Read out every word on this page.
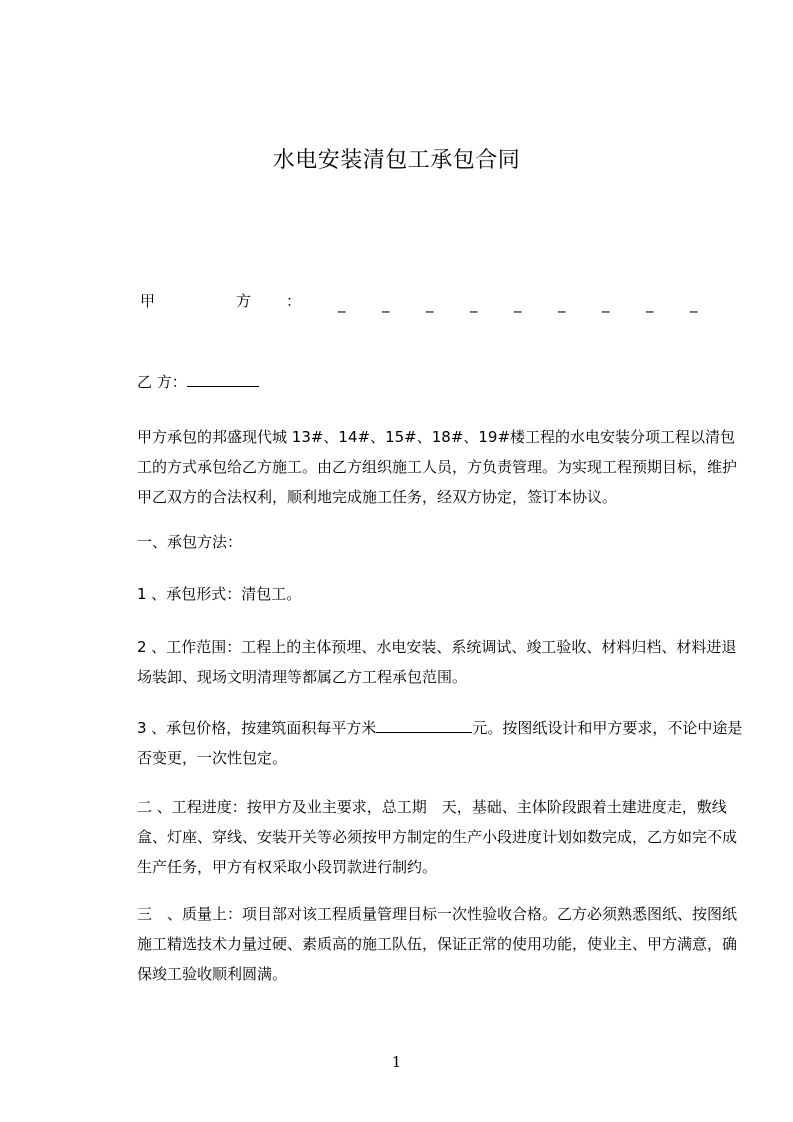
水电安装清包工承包合同
甲	方 ： _ _ _ _ _ _ _ _ _
乙 方：

甲方承包的邦盛现代城 13#、14#、15#、18#、19#楼工程的水电安装分项工程以清包工的方式承包给乙方施工。由乙方组织施工人员，方负责管理。为实现工程预期目标，维护甲乙双方的合法权利，顺利地完成施工任务，经双方协定，签订本协议。

一、承包方法：

1 、承包形式：清包工。

2 、工作范围：工程上的主体预埋、水电安装、系统调试、竣工验收、材料归档、材料进退场装卸、现场文明清理等都属乙方工程承包范围。

3 、承包价格，按建筑面积每平方米	元。按图纸设计和甲方要求，不论中途是否变更，一次性包定。

二 、工程进度：按甲方及业主要求，总工期　天，基础、主体阶段跟着土建进度走，敷线盒、灯座、穿线、安装开关等必须按甲方制定的生产小段进度计划如数完成，乙方如完不成生产任务，甲方有权采取小段罚款进行制约。

三　、质量上：项目部对该工程质量管理目标一次性验收合格。乙方必须熟悉图纸、按图纸施工精选技术力量过硬、素质高的施工队伍，保证正常的使用功能，使业主、甲方满意，确保竣工验收顺利圆满。

1
